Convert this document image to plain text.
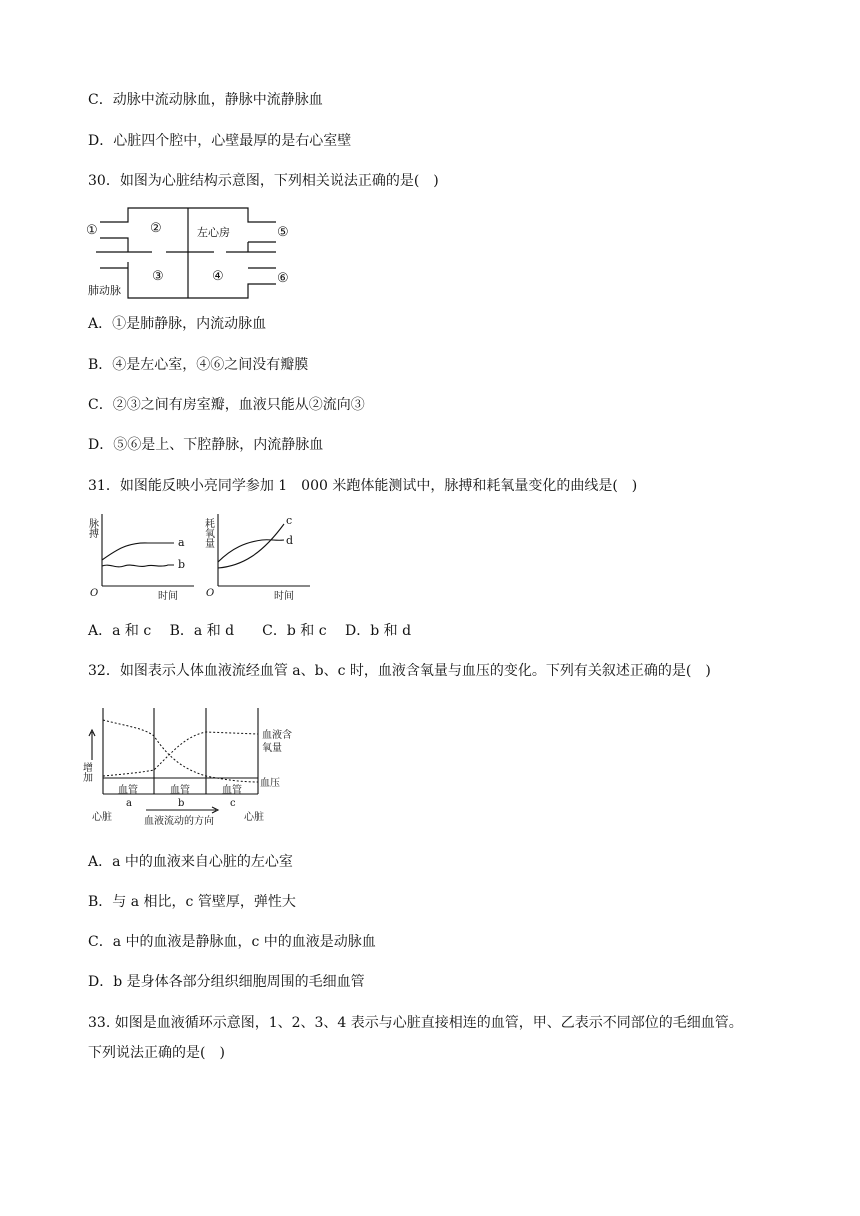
C．动脉中流动脉血，静脉中流静脉血
D．心脏四个腔中，心壁最厚的是右心室壁
30．如图为心脏结构示意图，下列相关说法正确的是(　)
①	②	左心房	⑤
③	④	⑥
肺动脉
A．①是肺静脉，内流动脉血
B．④是左心室，④⑥之间没有瓣膜
C．②③之间有房室瓣，血液只能从②流向③
D．⑤⑥是上、下腔静脉，内流静脉血
31．如图能反映小亮同学参加 1　000 米跑体能测试中，脉搏和耗氧量变化的曲线是(　)
脉搏
a
b
O	时间
耗氧量	c
d
O	时间
A．a 和 c　 B．a 和 d　　C．b 和 c　 D．b 和 d
32．如图表示人体血液流经血管 a、b、c 时，血液含氧量与血压的变化。下列有关叙述正确的是(　)
增加
血液含
氧量
血压
血管	血管	血管
a	b	c
心脏	心脏
血液流动的方向
A．a 中的血液来自心脏的左心室
B．与 a 相比，c 管壁厚，弹性大
C．a 中的血液是静脉血，c 中的血液是动脉血
D．b 是身体各部分组织细胞周围的毛细血管
33. 如图是血液循环示意图，1、2、3、4 表示与心脏直接相连的血管，甲、乙表示不同部位的毛细血管。
下列说法正确的是(　)
